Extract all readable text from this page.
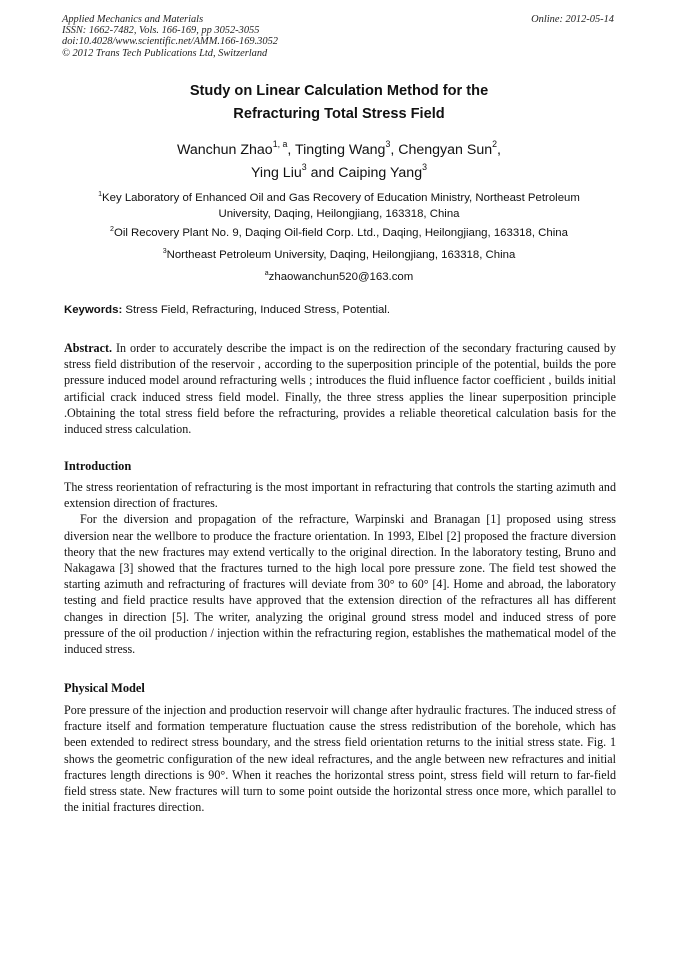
Applied Mechanics and Materials
ISSN: 1662-7482, Vols. 166-169, pp 3052-3055
doi:10.4028/www.scientific.net/AMM.166-169.3052
© 2012 Trans Tech Publications Ltd, Switzerland
Online: 2012-05-14
Study on Linear Calculation Method for the
Refracturing Total Stress Field
Wanchun Zhao$^{1, a}$, Tingting Wang$^3$, Chengyan Sun$^2$,
Ying Liu$^3$ and Caiping Yang$^3$
$^1$Key Laboratory of Enhanced Oil and Gas Recovery of Education Ministry, Northeast Petroleum
University, Daqing, Heilongjiang, 163318, China
$^2$Oil Recovery Plant No. 9, Daqing Oil-field Corp. Ltd., Daqing, Heilongjiang, 163318, China
$^3$Northeast Petroleum University, Daqing, Heilongjiang, 163318, China
$^a$zhaowanchun520@163.com
Keywords: Stress Field, Refracturing, Induced Stress, Potential.

Abstract. In order to accurately describe the impact is on the redirection of the secondary fracturing caused by stress field distribution of the reservoir , according to the superposition principle of the potential, builds the pore pressure induced model around refracturing wells ; introduces the fluid influence factor coefficient , builds initial artificial crack induced stress field model. Finally, the three stress applies the linear superposition principle .Obtaining the total stress field before the refracturing, provides a reliable theoretical calculation basis for the induced stress calculation.

Introduction

The stress reorientation of refracturing is the most important in refracturing that controls the starting azimuth and extension direction of fractures.

For the diversion and propagation of the refracture, Warpinski and Branagan [1] proposed using stress diversion near the wellbore to produce the fracture orientation. In 1993, Elbel [2] proposed the fracture diversion theory that the new fractures may extend vertically to the original direction. In the laboratory testing, Bruno and Nakagawa [3] showed that the fractures turned to the high local pore pressure zone. The field test showed the starting azimuth and refracturing of fractures will deviate from 30° to 60° [4]. Home and abroad, the laboratory testing and field practice results have approved that the extension direction of the refractures all has different changes in direction [5]. The writer, analyzing the original ground stress model and induced stress of pore pressure of the oil production / injection within the refracturing region, establishes the mathematical model of the induced stress.

Physical Model

Pore pressure of the injection and production reservoir will change after hydraulic fractures. The induced stress of fracture itself and formation temperature fluctuation cause the stress redistribution of the borehole, which has been extended to redirect stress boundary, and the stress field orientation returns to the initial stress state. Fig. 1 shows the geometric configuration of the new ideal refractures, and the angle between new refractures and initial fractures length directions is 90°. When it reaches the horizontal stress point, stress field will return to far-field field stress state. New fractures will turn to some point outside the horizontal stress once more, which parallel to the initial fractures direction.
